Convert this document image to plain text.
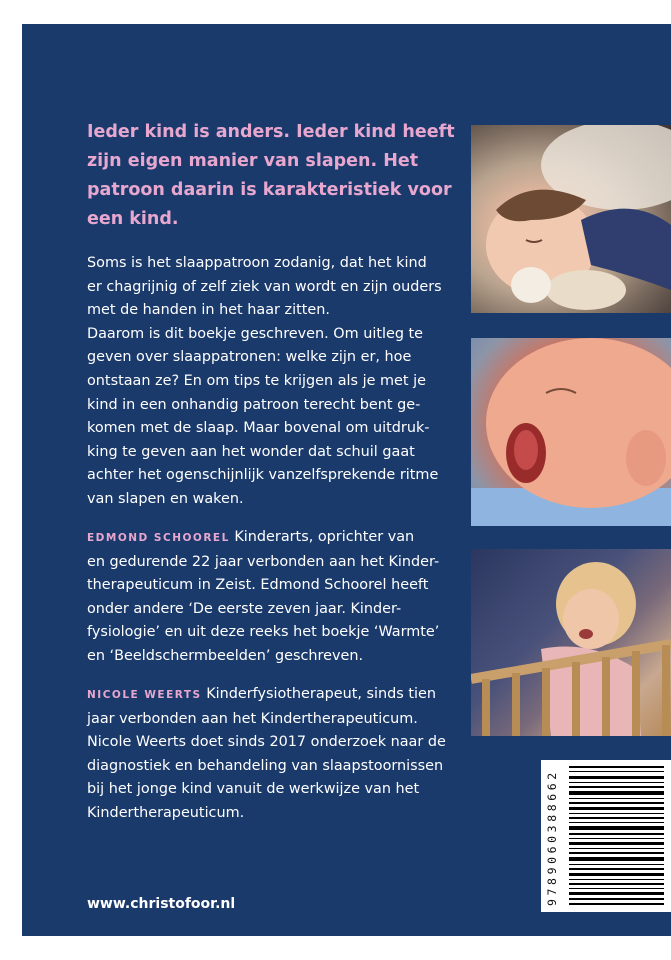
Ieder kind is anders. Ieder kind heeft zijn eigen manier van slapen. Het patroon daarin is karakteristiek voor een kind.
Soms is het slaappatroon zodanig, dat het kind
er chagrijnig of zelf ziek van wordt en zijn ouders
met de handen in het haar zitten.
Daarom is dit boekje geschreven. Om uitleg te
geven over slaappatronen: welke zijn er, hoe
ontstaan ze? En om tips te krijgen als je met je
kind in een onhandig patroon terecht bent ge-
komen met de slaap. Maar bovenal om uitdruk-
king te geven aan het wonder dat schuil gaat
achter het ogenschijnlijk vanzelfsprekende ritme
van slapen en waken.
EDMOND SCHOOREL Kinderarts, oprichter van
en gedurende 22 jaar verbonden aan het Kinder-
therapeuticum in Zeist. Edmond Schoorel heeft
onder andere ‘De eerste zeven jaar. Kinder-
fysiologie’ en uit deze reeks het boekje ‘Warmte’
en ‘Beeldschermbeelden’ geschreven.
NICOLE WEERTS Kinderfysiotherapeut, sinds tien
jaar verbonden aan het Kindertherapeuticum.
Nicole Weerts doet sinds 2017 onderzoek naar de
diagnostiek en behandeling van slaapstoornissen
bij het jonge kind vanuit de werkwijze van het
Kindertherapeuticum.
www.christofoor.nl	9789060388662
